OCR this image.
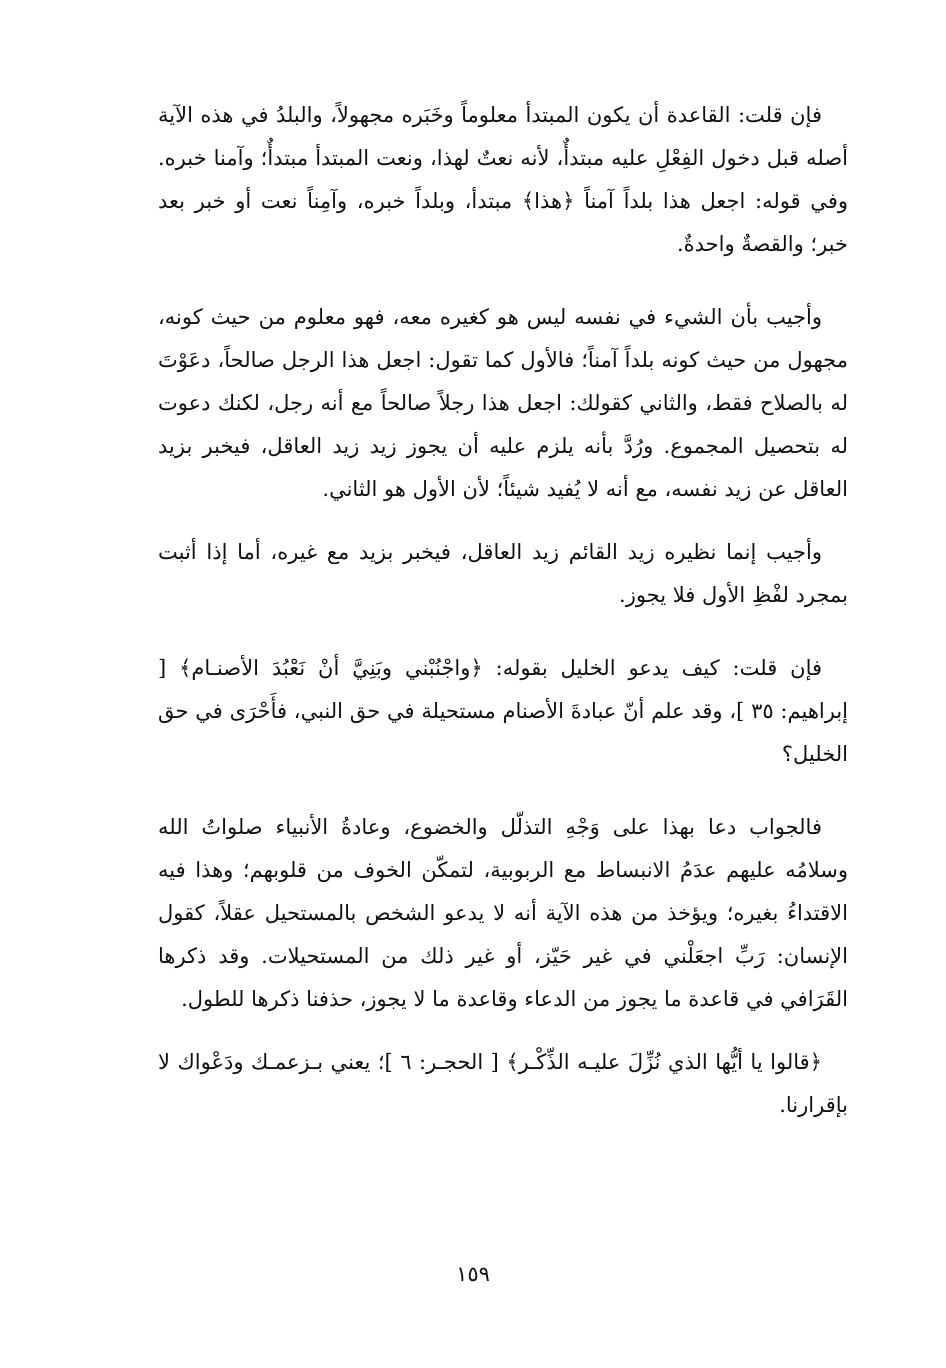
فإن قلت: القاعدة أن يكون المبتدأ معلوماً وخَبَره مجهولاً، والبلدُ في هذه الآية أصله قبل دخول الفِعْلِ عليه مبتدأٌ، لأنه نعتٌ لهذا، ونعت المبتدأ مبتدأٌ؛ وآمنا خبره. وفي قوله: اجعل هذا بلداً آمناً ﴿هذا﴾ مبتدأ، وبلداً خبره، وآمِناً نعت أو خبر بعد خبر؛ والقصةٌ واحدةٌ.

وأجيب بأن الشيء في نفسه ليس هو كغيره معه، فهو معلوم من حيث كونه، مجهول من حيث كونه بلداً آمناً؛ فالأول كما تقول: اجعل هذا الرجل صالحاً، دعَوْتَ له بالصلاح فقط، والثاني كقولك: اجعل هذا رجلاً صالحاً مع أنه رجل، لكنك دعوت له بتحصيل المجموع. ورُدَّ بأنه يلزم عليه أن يجوز زيد زيد العاقل، فيخبر بزيد العاقل عن زيد نفسه، مع أنه لا يُفيد شيئاً؛ لأن الأول هو الثاني.

وأجيب إنما نظيره زيد القائم زيد العاقل، فيخبر بزيد مع غيره، أما إذا أثبت بمجرد لفْظِ الأول فلا يجوز.

فإن قلت: كيف يدعو الخليل بقوله: ﴿واجْنُبْني وبَنِيَّ أنْ نَعْبُدَ الأصنـام﴾ [ إبراهيم: ٣٥ ]، وقد علم أنّ عبادةَ الأصنام مستحيلة في حق النبي، فأَحْرَى في حق الخليل؟

فالجواب دعا بهذا على وَجْهِ التذلّل والخضوع، وعادةُ الأنبياء صلواتُ الله وسلامُه عليهم عدَمُ الانبساط مع الربوبية، لتمكّن الخوف من قلوبهم؛ وهذا فيه الاقتداءُ بغيره؛ ويؤخذ من هذه الآية أنه لا يدعو الشخص بالمستحيل عقلاً، كقول الإنسان: رَبِّ اجعَلْني في غير حَيّز، أو غير ذلك من المستحيلات. وقد ذكرها القَرَافي في قاعدة ما يجوز من الدعاء وقاعدة ما لا يجوز، حذفنا ذكرها للطول.

﴿قالوا يا أيُّها الذي نُزِّلَ عليـه الذِّكْـر﴾ [ الحجـر: ٦ ]؛ يعني بـزعمـك ودَعْواك لا بإقرارنا.

١٥٩
